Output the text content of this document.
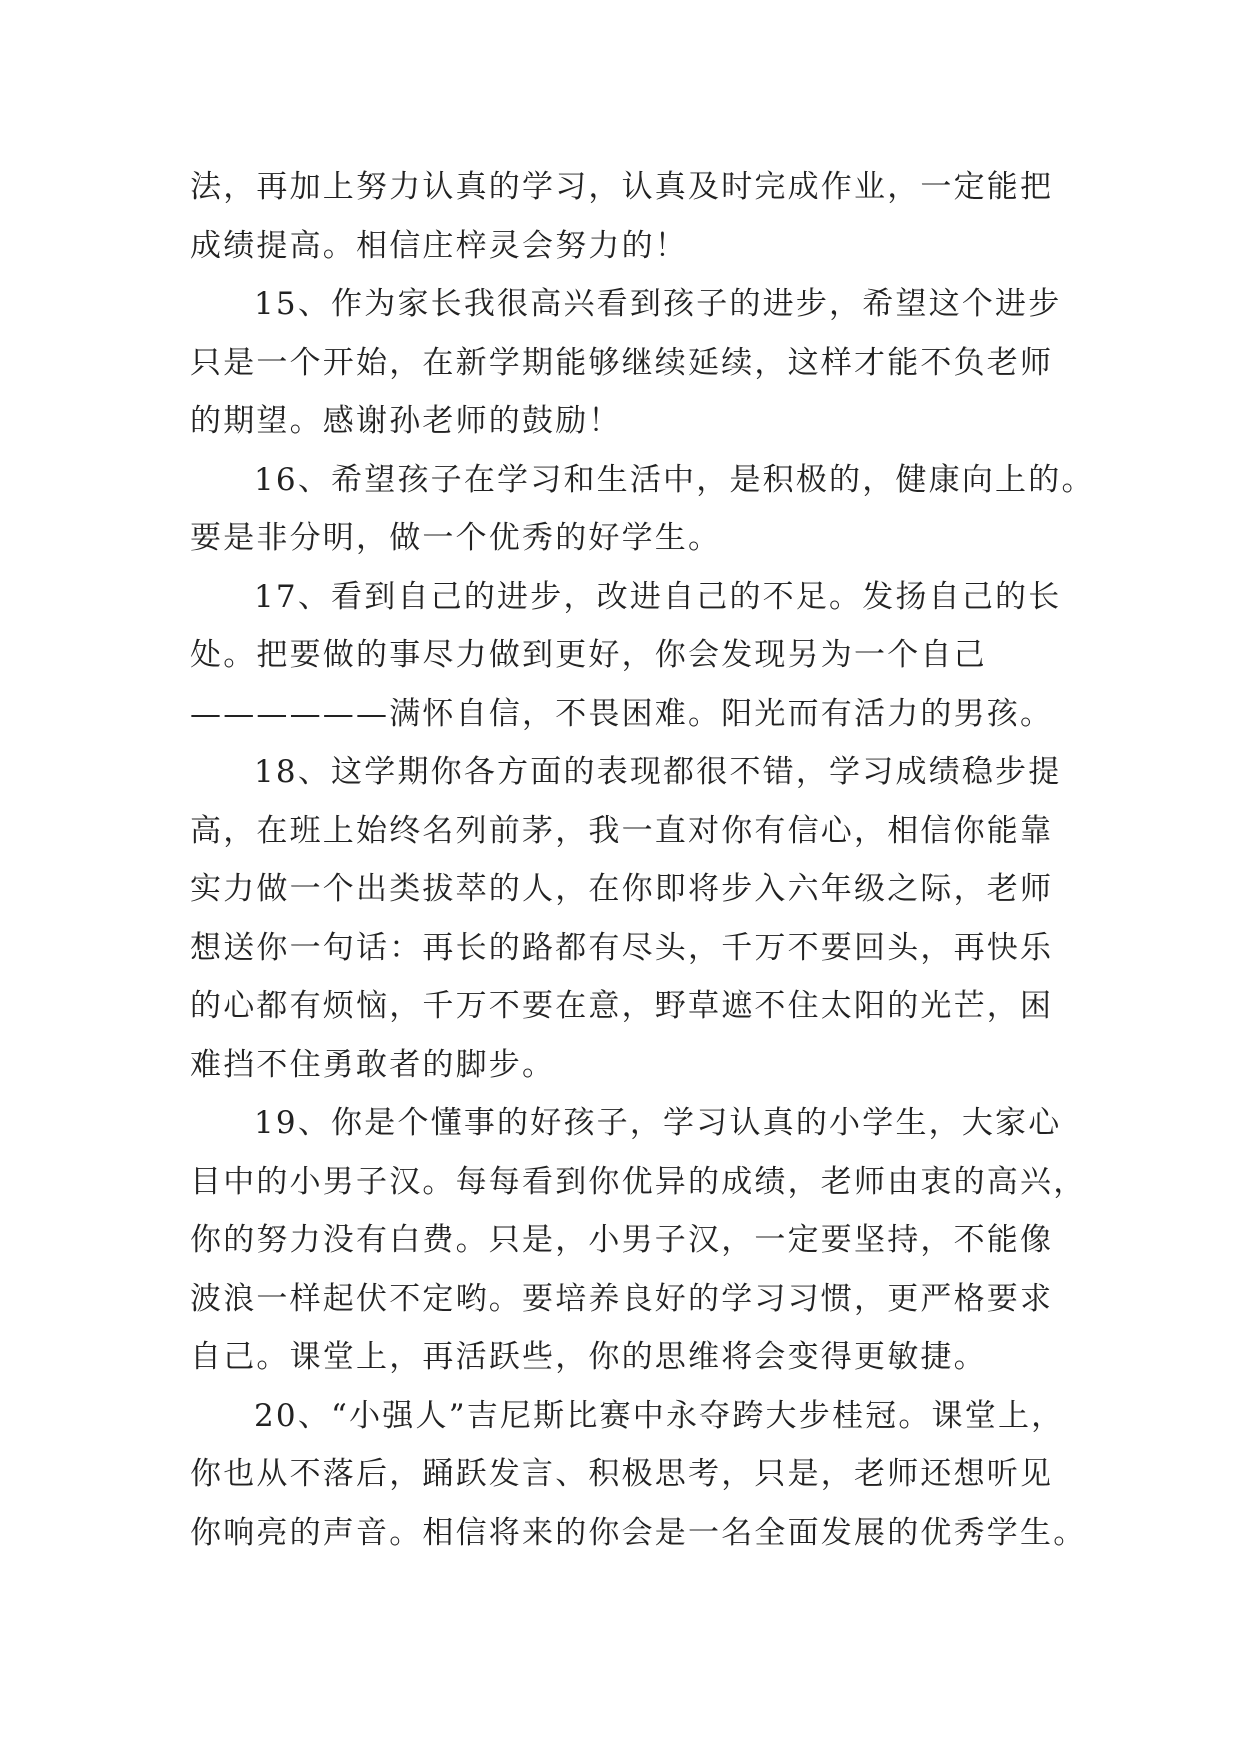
法，再加上努力认真的学习，认真及时完成作业，一定能把
成绩提高。相信庄梓灵会努力的！
15、作为家长我很高兴看到孩子的进步，希望这个进步
只是一个开始，在新学期能够继续延续，这样才能不负老师
的期望。感谢孙老师的鼓励！
16、希望孩子在学习和生活中，是积极的，健康向上的。
要是非分明，做一个优秀的好学生。
17、看到自己的进步，改进自己的不足。发扬自己的长
处。把要做的事尽力做到更好，你会发现另为一个自己
——————满怀自信，不畏困难。阳光而有活力的男孩。
18、这学期你各方面的表现都很不错，学习成绩稳步提
高，在班上始终名列前茅，我一直对你有信心，相信你能靠
实力做一个出类拔萃的人，在你即将步入六年级之际，老师
想送你一句话：再长的路都有尽头，千万不要回头，再快乐
的心都有烦恼，千万不要在意，野草遮不住太阳的光芒，困
难挡不住勇敢者的脚步。
19、你是个懂事的好孩子，学习认真的小学生，大家心
目中的小男子汉。每每看到你优异的成绩，老师由衷的高兴，
你的努力没有白费。只是，小男子汉，一定要坚持，不能像
波浪一样起伏不定哟。要培养良好的学习习惯，更严格要求
自己。课堂上，再活跃些，你的思维将会变得更敏捷。
20、“小强人”吉尼斯比赛中永夺跨大步桂冠。课堂上，
你也从不落后，踊跃发言、积极思考，只是，老师还想听见
你响亮的声音。相信将来的你会是一名全面发展的优秀学生。
